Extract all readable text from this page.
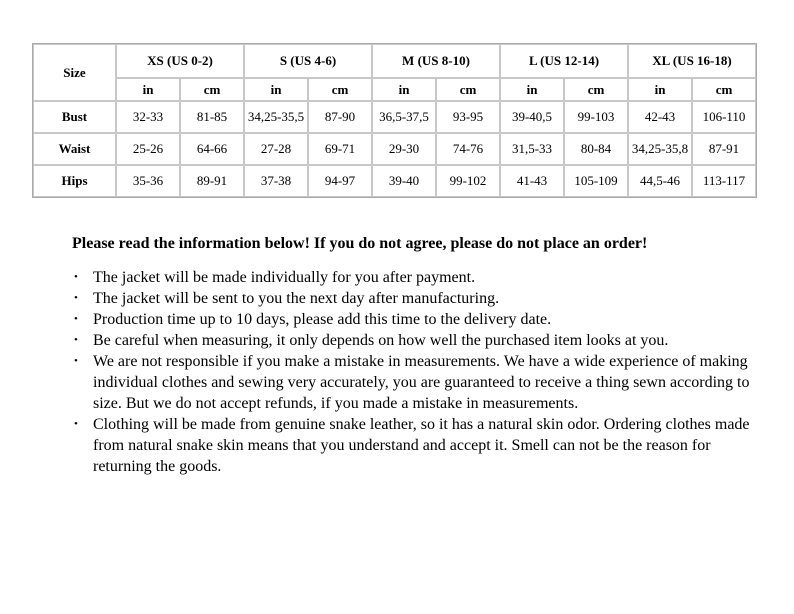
Size	XS (US 0-2)		S (US 4-6)		M (US 8-10)		L (US 12-14)		XL (US 16-18)	
	in	cm	in	cm	in	cm	in	cm	in	cm
Bust	32-33	81-85	34,25-35,5	87-90	36,5-37,5	93-95	39-40,5	99-103	42-43	106-110
Waist	25-26	64-66	27-28	69-71	29-30	74-76	31,5-33	80-84	34,25-35,8	87-91
Hips	35-36	89-91	37-38	94-97	39-40	99-102	41-43	105-109	44,5-46	113-117

Please read the information below! If you do not agree, please do not place an order!

• The jacket will be made individually for you after payment.
• The jacket will be sent to you the next day after manufacturing.
• Production time up to 10 days, please add this time to the delivery date.
• Be careful when measuring, it only depends on how well the purchased item looks at you.
• We are not responsible if you make a mistake in measurements. We have a wide experience of making individual clothes and sewing very accurately, you are guaranteed to receive a thing sewn according to size. But we do not accept refunds, if you made a mistake in measurements.
• Clothing will be made from genuine snake leather, so it has a natural skin odor. Ordering clothes made from natural snake skin means that you understand and accept it. Smell can not be the reason for returning the goods.
